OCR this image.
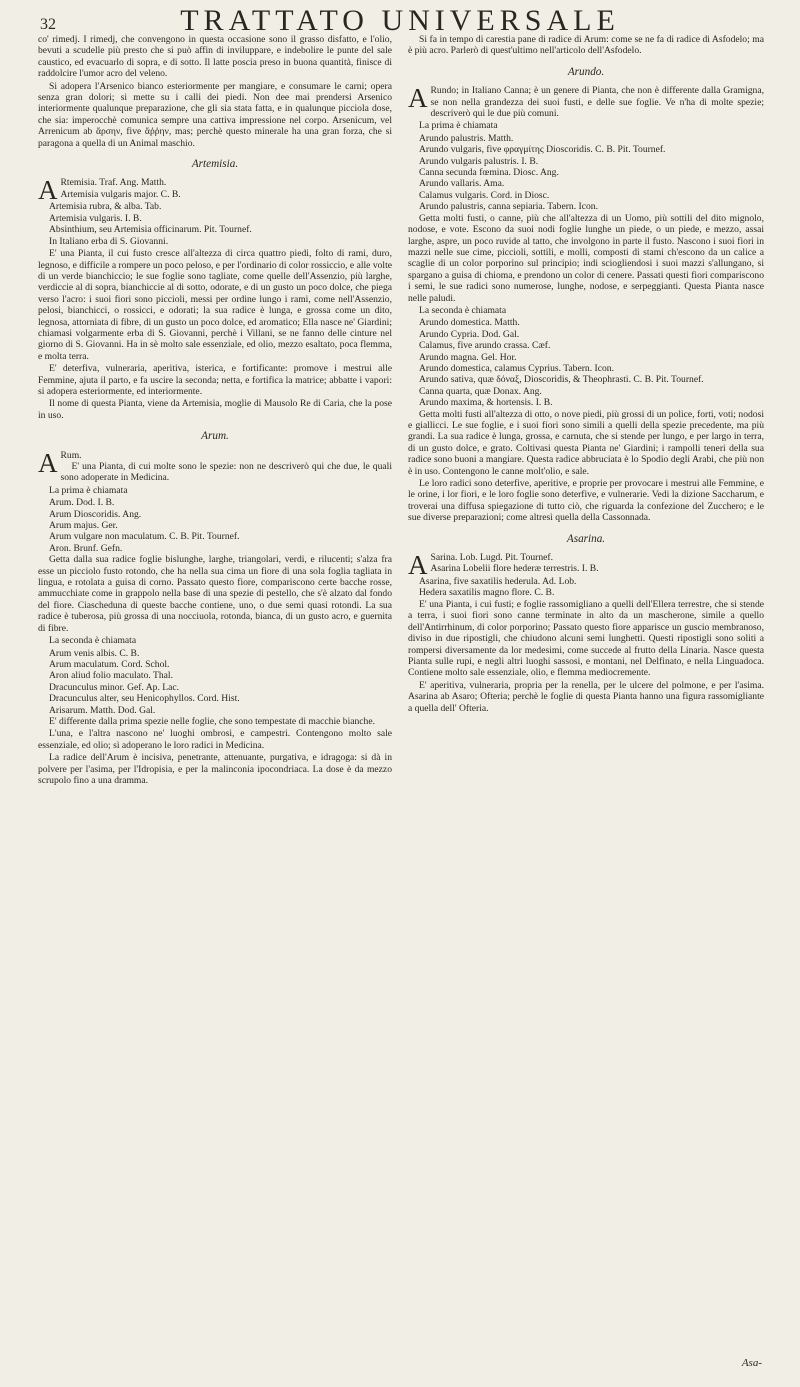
32	TRATTATO UNIVERSALE

co' rimedj. I rimedj, che convengono in questa occasione sono il grasso disfatto, e l'olio, bevuti a scudelle più presto che si può affin di inviluppare, e indebolire le punte del sale caustico, ed evacuarlo di sopra, e di sotto. Il latte poscia preso in buona quantità, finisce di raddolcire l'umor acro del veleno.

Si adopera l'Arsenico bianco esteriormente per mangiare, e consumare le carni; opera senza gran dolori; si mette su i calli dei piedi. Non dee mai prendersi Arsenico interiormente qualunque preparazione, che gli sia stata fatta, e in qualunque picciola dose, che sia: imperocchè comunica sempre una cattiva impressione nel corpo. Arsenicum, vel Arrenicum ab ἄρσην, five ἄῤῥην, mas; perchè questo minerale ha una gran forza, che si paragona a quella di un Animal maschio.

Artemisia.
A Rtemisia. Traf. Ang. Matth.

Artemisia vulgaris major. C. B.

Artemisia rubra, & alba. Tab.

Artemisia vulgaris. I. B.

Absinthium, seu Artemisia officinarum. Pit. Tournef.

In Italiano erba di S. Giovanni.

E' una Pianta, il cui fusto cresce all'altezza di circa quattro piedi, folto di rami, duro, legnoso, e difficile a rompere un poco peloso, e per l'ordinario di color rossiccio, e alle volte di un verde bianchiccio; le sue foglie sono tagliate, come quelle dell'Assenzio, più larghe, verdiccie al di sopra, bianchiccie al di sotto, odorate, e di un gusto un poco dolce, che piega verso l'acro: i suoi fiori sono piccioli, messi per ordine lungo i rami, come nell'Assenzio, pelosi, bianchicci, o rossicci, e odorati; la sua radice è lunga, e grossa come un dito, legnosa, attorniata di fibre, di un gusto un poco dolce, ed aromatico; Ella nasce ne' Giardini; chiamasi volgarmente erba di S. Giovanni, perchè i Villani, se ne fanno delle cinture nel giorno di S. Giovanni. Ha in sè molto sale essenziale, ed olio, mezzo esaltato, poca flemma, e molta terra.

E' deterfiva, vulneraria, aperitiva, isterica, e fortificante: promove i mestrui alle Femmine, ajuta il parto, e fa uscire la seconda; netta, e fortifica la matrice; abbatte i vapori: si adopera esteriormente, ed interiormente.

Il nome di questa Pianta, viene da Artemisia, moglie di Mausolo Re di Caria, che la pose in uso.

Arum.
A Rum.

E' una Pianta, di cui molte sono le spezie: non ne descriverò qui che due, le quali sono adoperate in Medicina.

La prima è chiamata

Arum. Dod. I. B.

Arum Dioscoridis. Ang.

Arum majus. Ger.

Arum vulgare non maculatum. C. B. Pit. Tournef.

Aron. Brunf. Gefn.

Getta dalla sua radice foglie bislunghe, larghe, triangolari, verdi, e rilucenti; s'alza fra esse un picciolo fusto rotondo, che ha nella sua cima un fiore di una sola foglia tagliata in lingua, e rotolata a guisa di corno. Passato questo fiore, compariscono certe bacche rosse, ammucchiate come in grappolo nella base di una spezie di pestello, che s'è alzato dal fondo del fiore. Ciascheduna di queste bacche contiene, uno, o due semi quasi rotondi. La sua radice è tuberosa, più grossa di una nocciuola, rotonda, bianca, di un gusto acro, e guernita di fibre.

La seconda è chiamata

Arum venis albis. C. B.

Arum maculatum. Cord. Schol.

Aron aliud folio maculato. Thal.

Dracunculus minor. Gef. Ap. Lac.

Dracunculus alter, seu Henicophyllos. Cord. Hist.

Arisarum. Matth. Dod. Gal.

E' differente dalla prima spezie nelle foglie, che sono tempestate di macchie bianche.

L'una, e l'altra nascono ne' luoghi ombrosi, e campestri. Contengono molto sale essenziale, ed olio; sì adoperano le loro radici in Medicina.

La radice dell'Arum è incisiva, penetrante, attenuante, purgativa, e idragoga: si dà in polvere per l'asima, per l'Idropisia, e per la malinconia ipocondriaca. La dose è da mezzo scrupolo fino a una dramma.

Si fa in tempo di carestia pane di radice di Arum: come se ne fa di radice di Asfodelo; ma è più acro. Parlerò di quest'ultimo nell'articolo dell'Asfodelo.

Arundo.
A Rundo; in Italiano Canna; è un genere di Pianta, che non è differente dalla Gramigna, se non nella grandezza dei suoi fusti, e delle sue foglie. Ve n'ha di molte spezie; descriverò qui le due più comuni.

La prima è chiamata

Arundo palustris. Matth.

Arundo vulgaris, five φραγμίτης Dioscoridis. C. B. Pit. Tournef.

Arundo vulgaris palustris. I. B.

Canna secunda fœmina. Diosc. Ang.

Arundo vallaris. Ama.

Calamus vulgaris. Cord. in Diosc.

Arundo palustris, canna sepiaria. Tabern. Icon.

Getta molti fusti, o canne, più che all'altezza di un Uomo, più sottili del dito mignolo, nodose, e vote. Escono da suoi nodi foglie lunghe un piede, o un piede, e mezzo, assai larghe, aspre, un poco ruvide al tatto, che involgono in parte il fusto. Nascono i suoi fiori in mazzi nelle sue cime, piccioli, sottili, e molli, composti di stami ch'escono da un calice a scaglie di un color porporino sul principio; indi sciogliendosi i suoi mazzi s'allungano, si spargano a guisa di chioma, e prendono un color di cenere. Passati questi fiori compariscono i semi, le sue radici sono numerose, lunghe, nodose, e serpeggianti. Questa Pianta nasce nelle paludi.

La seconda è chiamata

Arundo domestica. Matth.

Arundo Cypria. Dod. Gal.

Calamus, five arundo crassa. Cæf.

Arundo magna. Gel. Hor.

Arundo domestica, calamus Cyprius. Tabern. Icon.

Arundo sativa, quæ δόναξ, Dioscoridis, & Theophrasti. C. B. Pit. Tournef.

Canna quarta, quæ Donax. Ang.

Arundo maxima, & hortensis. I. B.

Getta molti fusti all'altezza di otto, o nove piedi, più grossi di un police, forti, voti; nodosi e giallicci. Le sue foglie, e i suoi fiori sono simili a quelli della spezie precedente, ma più grandi. La sua radice è lunga, grossa, e carnuta, che si stende per lungo, e per largo in terra, di un gusto dolce, e grato. Coltivasi questa Pianta ne' Giardini; i rampolli teneri della sua radice sono buoni a mangiare. Questa radice abbruciata è lo Spodio degli Arabi, che più non è in uso. Contengono le canne molt'olio, e sale.

Le loro radici sono deterfive, aperitive, e proprie per provocare i mestrui alle Femmine, e le orine, i lor fiori, e le loro foglie sono deterfive, e vulnerarie. Vedi la dizione Saccharum, e troverai una diffusa spiegazione di tutto ciò, che riguarda la confezione del Zucchero; e le sue diverse preparazioni; come altresì quella della Cassonnada.

Asarina.
A Sarina. Lob. Lugd. Pit. Tournef.

Asarina Lobelii flore hederæ terrestris. I. B.

Asarina, five saxatilis hederula. Ad. Lob.

Hedera saxatilis magno flore. C. B.

E' una Pianta, i cui fusti; e foglie rassomigliano a quelli dell'Ellera terrestre, che si stende a terra, i suoi fiori sono canne terminate in alto da un mascherone, simile a quello dell'Antirrhinum, di color porporino; Passato questo fiore apparisce un guscio membranoso, diviso in due ripostigli, che chiudono alcuni semi lunghetti. Questi ripostigli sono soliti a rompersi diversamente da lor medesimi, come succede al frutto della Linaria. Nasce questa Pianta sulle rupi, e negli altri luoghi sassosi, e montani, nel Delfinato, e nella Linguadoca. Contiene molto sale essenziale, olio, e flemma mediocremente.

E' aperitiva, vulneraria, propria per la renella, per le ulcere del polmone, e per l'asima. Asarina ab Asaro; Ofteria; perchè le foglie di questa Pianta hanno una figura rassomigliante a quella dell' Ofteria.

Asa-
